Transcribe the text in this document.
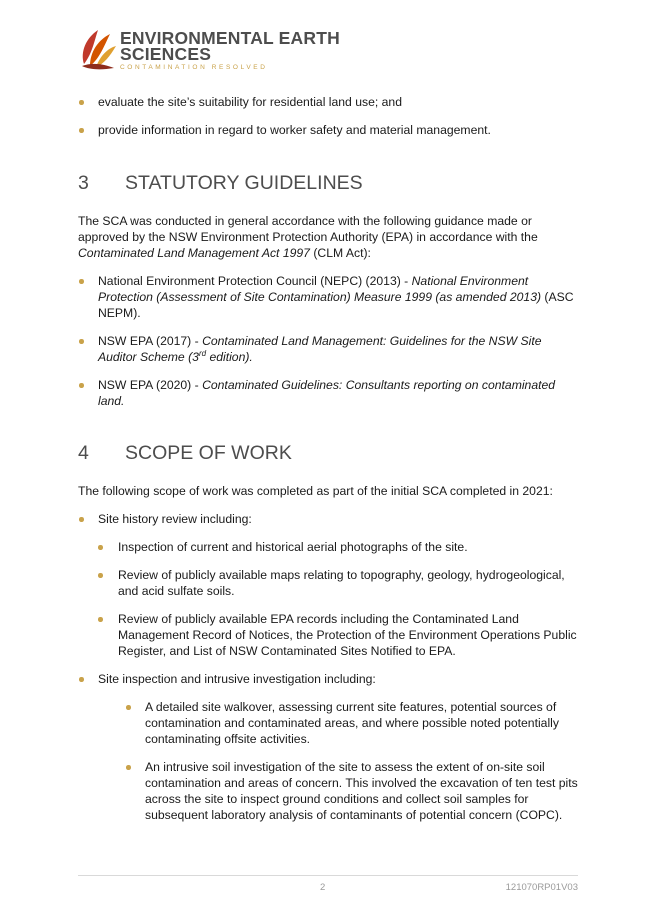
ENVIRONMENTAL EARTH
SCIENCES
CONTAMINATION RESOLVED
evaluate the site’s suitability for residential land use; and
provide information in regard to worker safety and material management.
3	STATUTORY GUIDELINES

The SCA was conducted in general accordance with the following guidance made or approved by the NSW Environment Protection Authority (EPA) in accordance with the Contaminated Land Management Act 1997 (CLM Act):

National Environment Protection Council (NEPC) (2013) - National Environment Protection (Assessment of Site Contamination) Measure 1999 (as amended 2013) (ASC NEPM).
NSW EPA (2017) - Contaminated Land Management: Guidelines for the NSW Site Auditor Scheme (3rd edition).
NSW EPA (2020) - Contaminated Guidelines: Consultants reporting on contaminated land.
4	SCOPE OF WORK

The following scope of work was completed as part of the initial SCA completed in 2021:

Site history review including:
Inspection of current and historical aerial photographs of the site.
Review of publicly available maps relating to topography, geology, hydrogeological, and acid sulfate soils.
Review of publicly available EPA records including the Contaminated Land Management Record of Notices, the Protection of the Environment Operations Public Register, and List of NSW Contaminated Sites Notified to EPA.
Site inspection and intrusive investigation including:
A detailed site walkover, assessing current site features, potential sources of contamination and contaminated areas, and where possible noted potentially contaminating offsite activities.
An intrusive soil investigation of the site to assess the extent of on-site soil contamination and areas of concern. This involved the excavation of ten test pits across the site to inspect ground conditions and collect soil samples for subsequent laboratory analysis of contaminants of potential concern (COPC).
2	121070RP01V03
